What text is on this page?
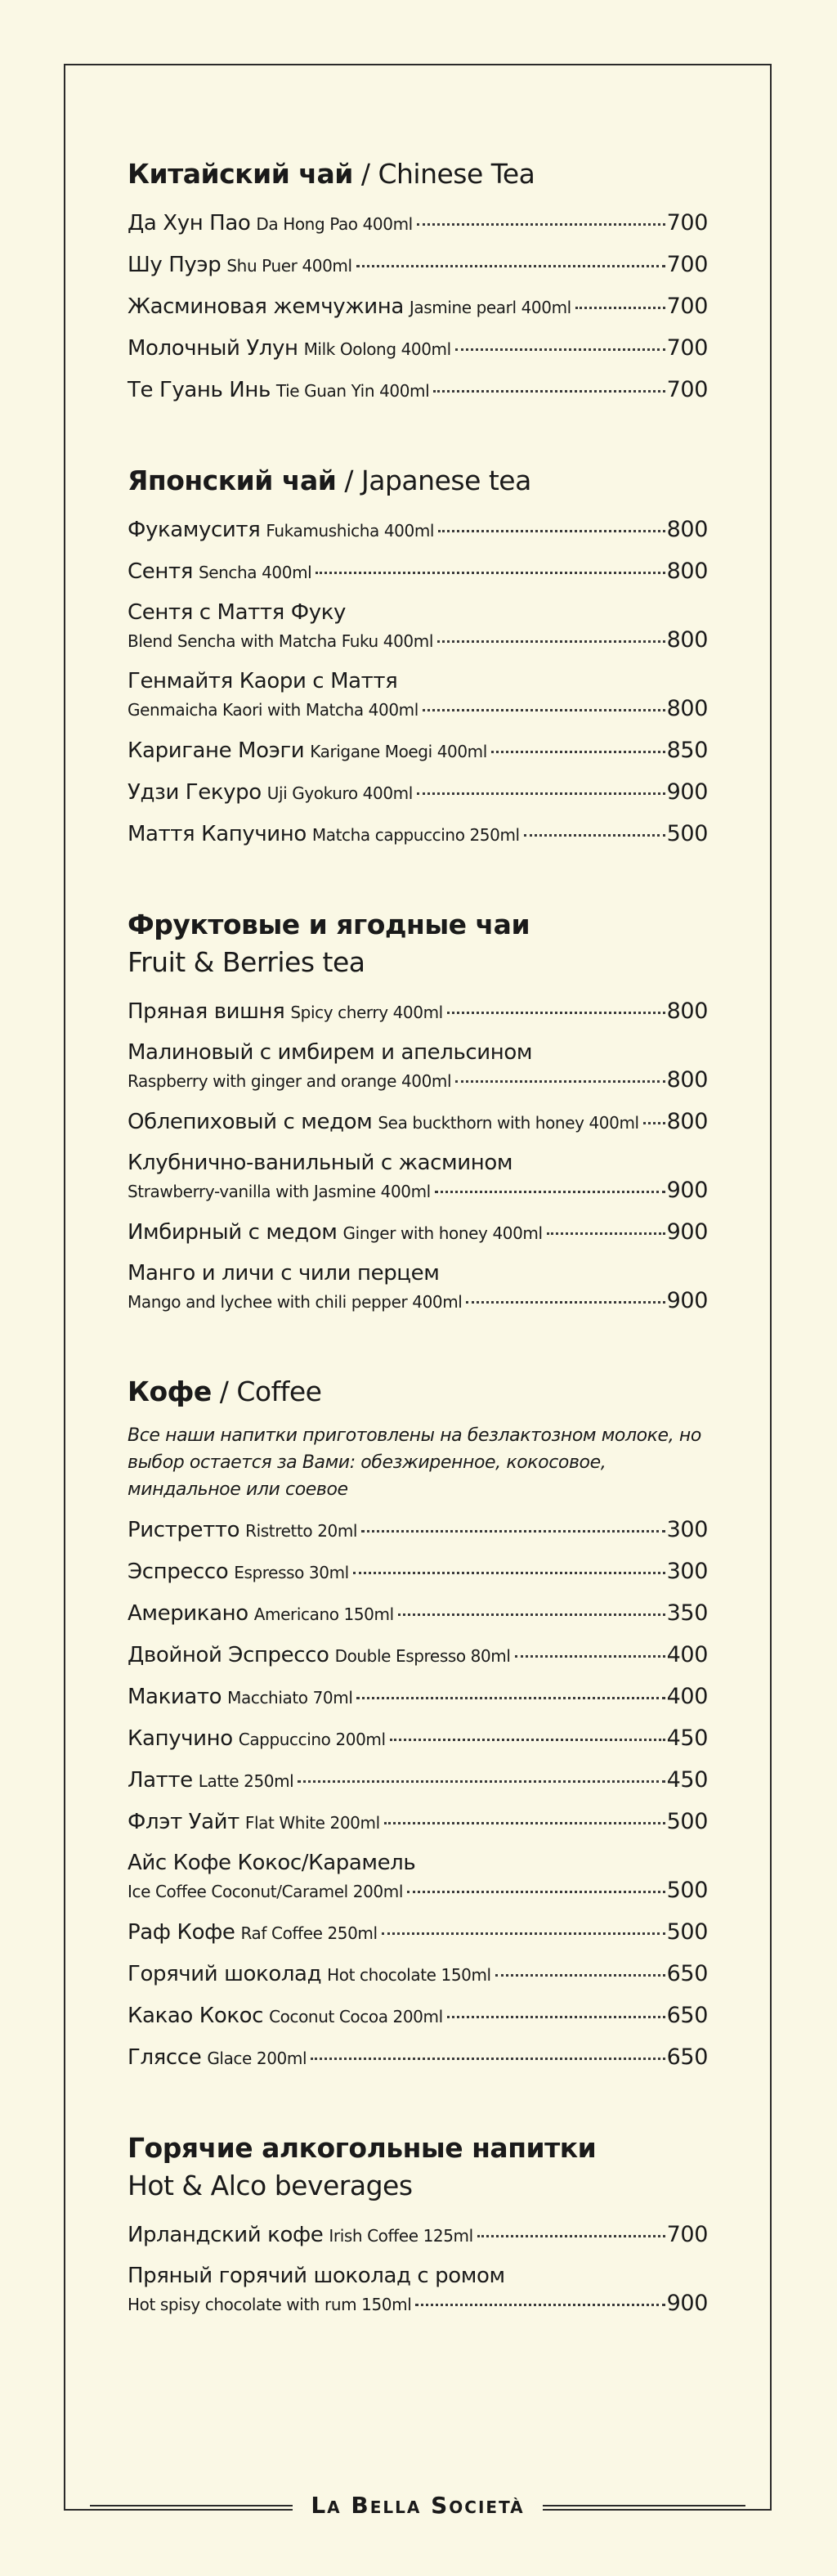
Китайский чай / Chinese Tea
Да Хун Пао Da Hong Pao 400ml	700
Шу Пуэр Shu Puer 400ml	700
Жасминовая жемчужина Jasmine pearl 400ml	700
Молочный Улун Milk Oolong 400ml	700
Те Гуань Инь Tie Guan Yin 400ml	700
Японский чай / Japanese tea
Фукамуситя Fukamushicha 400ml	800
Сентя Sencha 400ml	800
Сентя с Маття Фуку
Blend Sencha with Matcha Fuku 400ml	800
Генмайтя Каори с Маття
Genmaicha Kaori with Matcha 400ml	800
Каригане Моэги Karigane Moegi 400ml	850
Удзи Гекуро Uji Gyokuro 400ml	900
Маття Капучино Matcha cappuccino 250ml	500
Фруктовые и ягодные чаи
Fruit & Berries tea
Пряная вишня Spicy cherry 400ml	800
Малиновый с имбирем и апельсином
Raspberry with ginger and orange 400ml	800
Облепиховый с медом Sea buckthorn with honey 400ml 800
Клубнично-ванильный с жасмином
Strawberry-vanilla with Jasmine 400ml	900
Имбирный с медом Ginger with honey 400ml	900
Манго и личи с чили перцем
Mango and lychee with chili pepper 400ml	900
Кофе / Coffee
Все наши напитки приготовлены на безлактозном молоке, но выбор остается за Вами: обезжиренное, кокосовое, миндальное или соевое
Ристретто Ristretto 20ml	300
Эспрессо Espresso 30ml	300
Американо Americano 150ml	350
Двойной Эспрессо Double Espresso 80ml	400
Макиато Macchiato 70ml	400
Капучино Cappuccino 200ml	450
Латте Latte 250ml	450
Флэт Уайт Flat White 200ml	500
Айс Кофе Кокос/Карамель
Ice Coffee Coconut/Caramel 200ml	500
Раф Кофе Raf Coffee 250ml	500
Горячий шоколад Hot chocolate 150ml	650
Какао Кокос Coconut Cocoa 200ml	650
Гляссе Glace 200ml	650
Горячие алкогольные напитки
Hot & Alco beverages
Ирландский кофе Irish Coffee 125ml	700
Пряный горячий шоколад с ромом
Hot spisy chocolate with rum 150ml	900
La Bella Società
